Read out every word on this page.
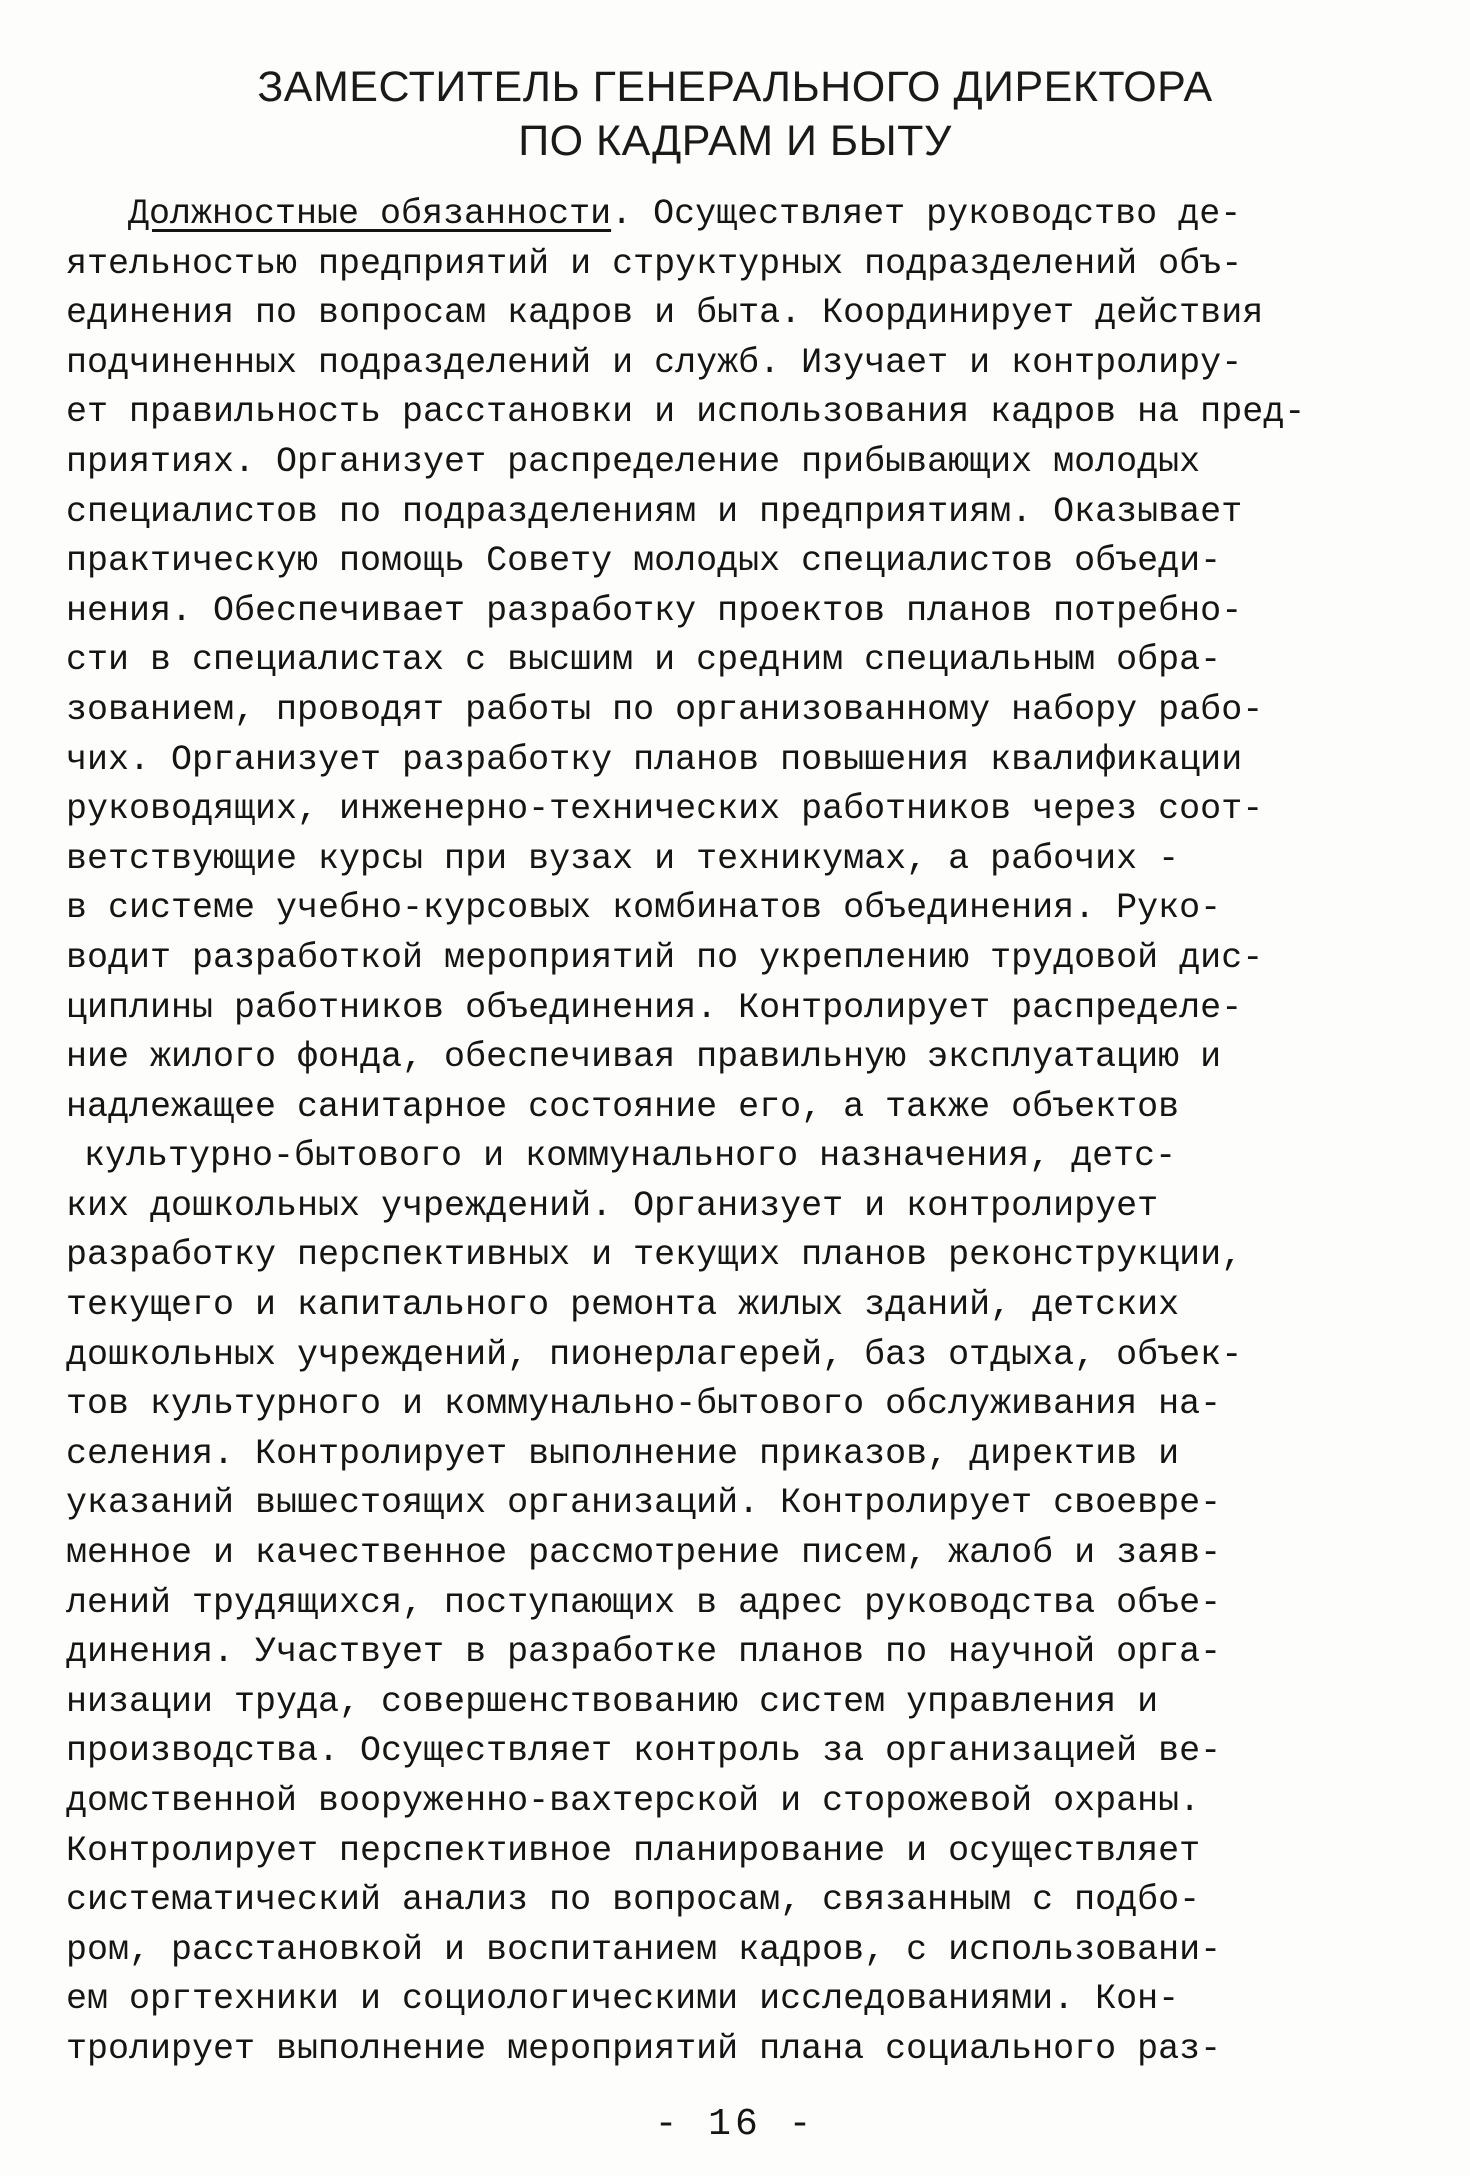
ЗАМЕСТИТЕЛЬ ГЕНЕРАЛЬНОГО ДИРЕКТОРА
ПО КАДРАМ И БЫТУ
Должностные обязанности. Осуществляет руководство де-
ятельностью предприятий и структурных подразделений объ-
единения по вопросам кадров и быта. Координирует действия
подчиненных подразделений и служб. Изучает и контролиру-
ет правильность расстановки и использования кадров на пред-
приятиях. Организует распределение прибывающих молодых
специалистов по подразделениям и предприятиям. Оказывает
практическую помощь Совету молодых специалистов объеди-
нения. Обеспечивает разработку проектов планов потребно-
сти в специалистах с высшим и средним специальным обра-
зованием, проводят работы по организованному набору рабо-
чих. Организует разработку планов повышения квалификации
руководящих, инженерно-технических работников через соот-
ветствующие курсы при вузах и техникумах, а рабочих -
в системе учебно-курсовых комбинатов объединения. Руко-
водит разработкой мероприятий по укреплению трудовой дис-
циплины работников объединения. Контролирует распределе-
ние жилого фонда, обеспечивая правильную эксплуатацию и
надлежащее санитарное состояние его, а также объектов
культурно-бытового и коммунального назначения, детс-
ких дошкольных учреждений. Организует и контролирует
разработку перспективных и текущих планов реконструкции,
текущего и капитального ремонта жилых зданий, детских
дошкольных учреждений, пионерлагерей, баз отдыха, объек-
тов культурного и коммунально-бытового обслуживания на-
селения. Контролирует выполнение приказов, директив и
указаний вышестоящих организаций. Контролирует своевре-
менное и качественное рассмотрение писем, жалоб и заяв-
лений трудящихся, поступающих в адрес руководства объе-
динения. Участвует в разработке планов по научной орга-
низации труда, совершенствованию систем управления и
производства. Осуществляет контроль за организацией ве-
домственной вооруженно-вахтерской и сторожевой охраны.
Контролирует перспективное планирование и осуществляет
систематический анализ по вопросам, связанным с подбо-
ром, расстановкой и воспитанием кадров, с использовани-
ем оргтехники и социологическими исследованиями. Кон-
тролирует выполнение мероприятий плана социального раз-
- 16 -
